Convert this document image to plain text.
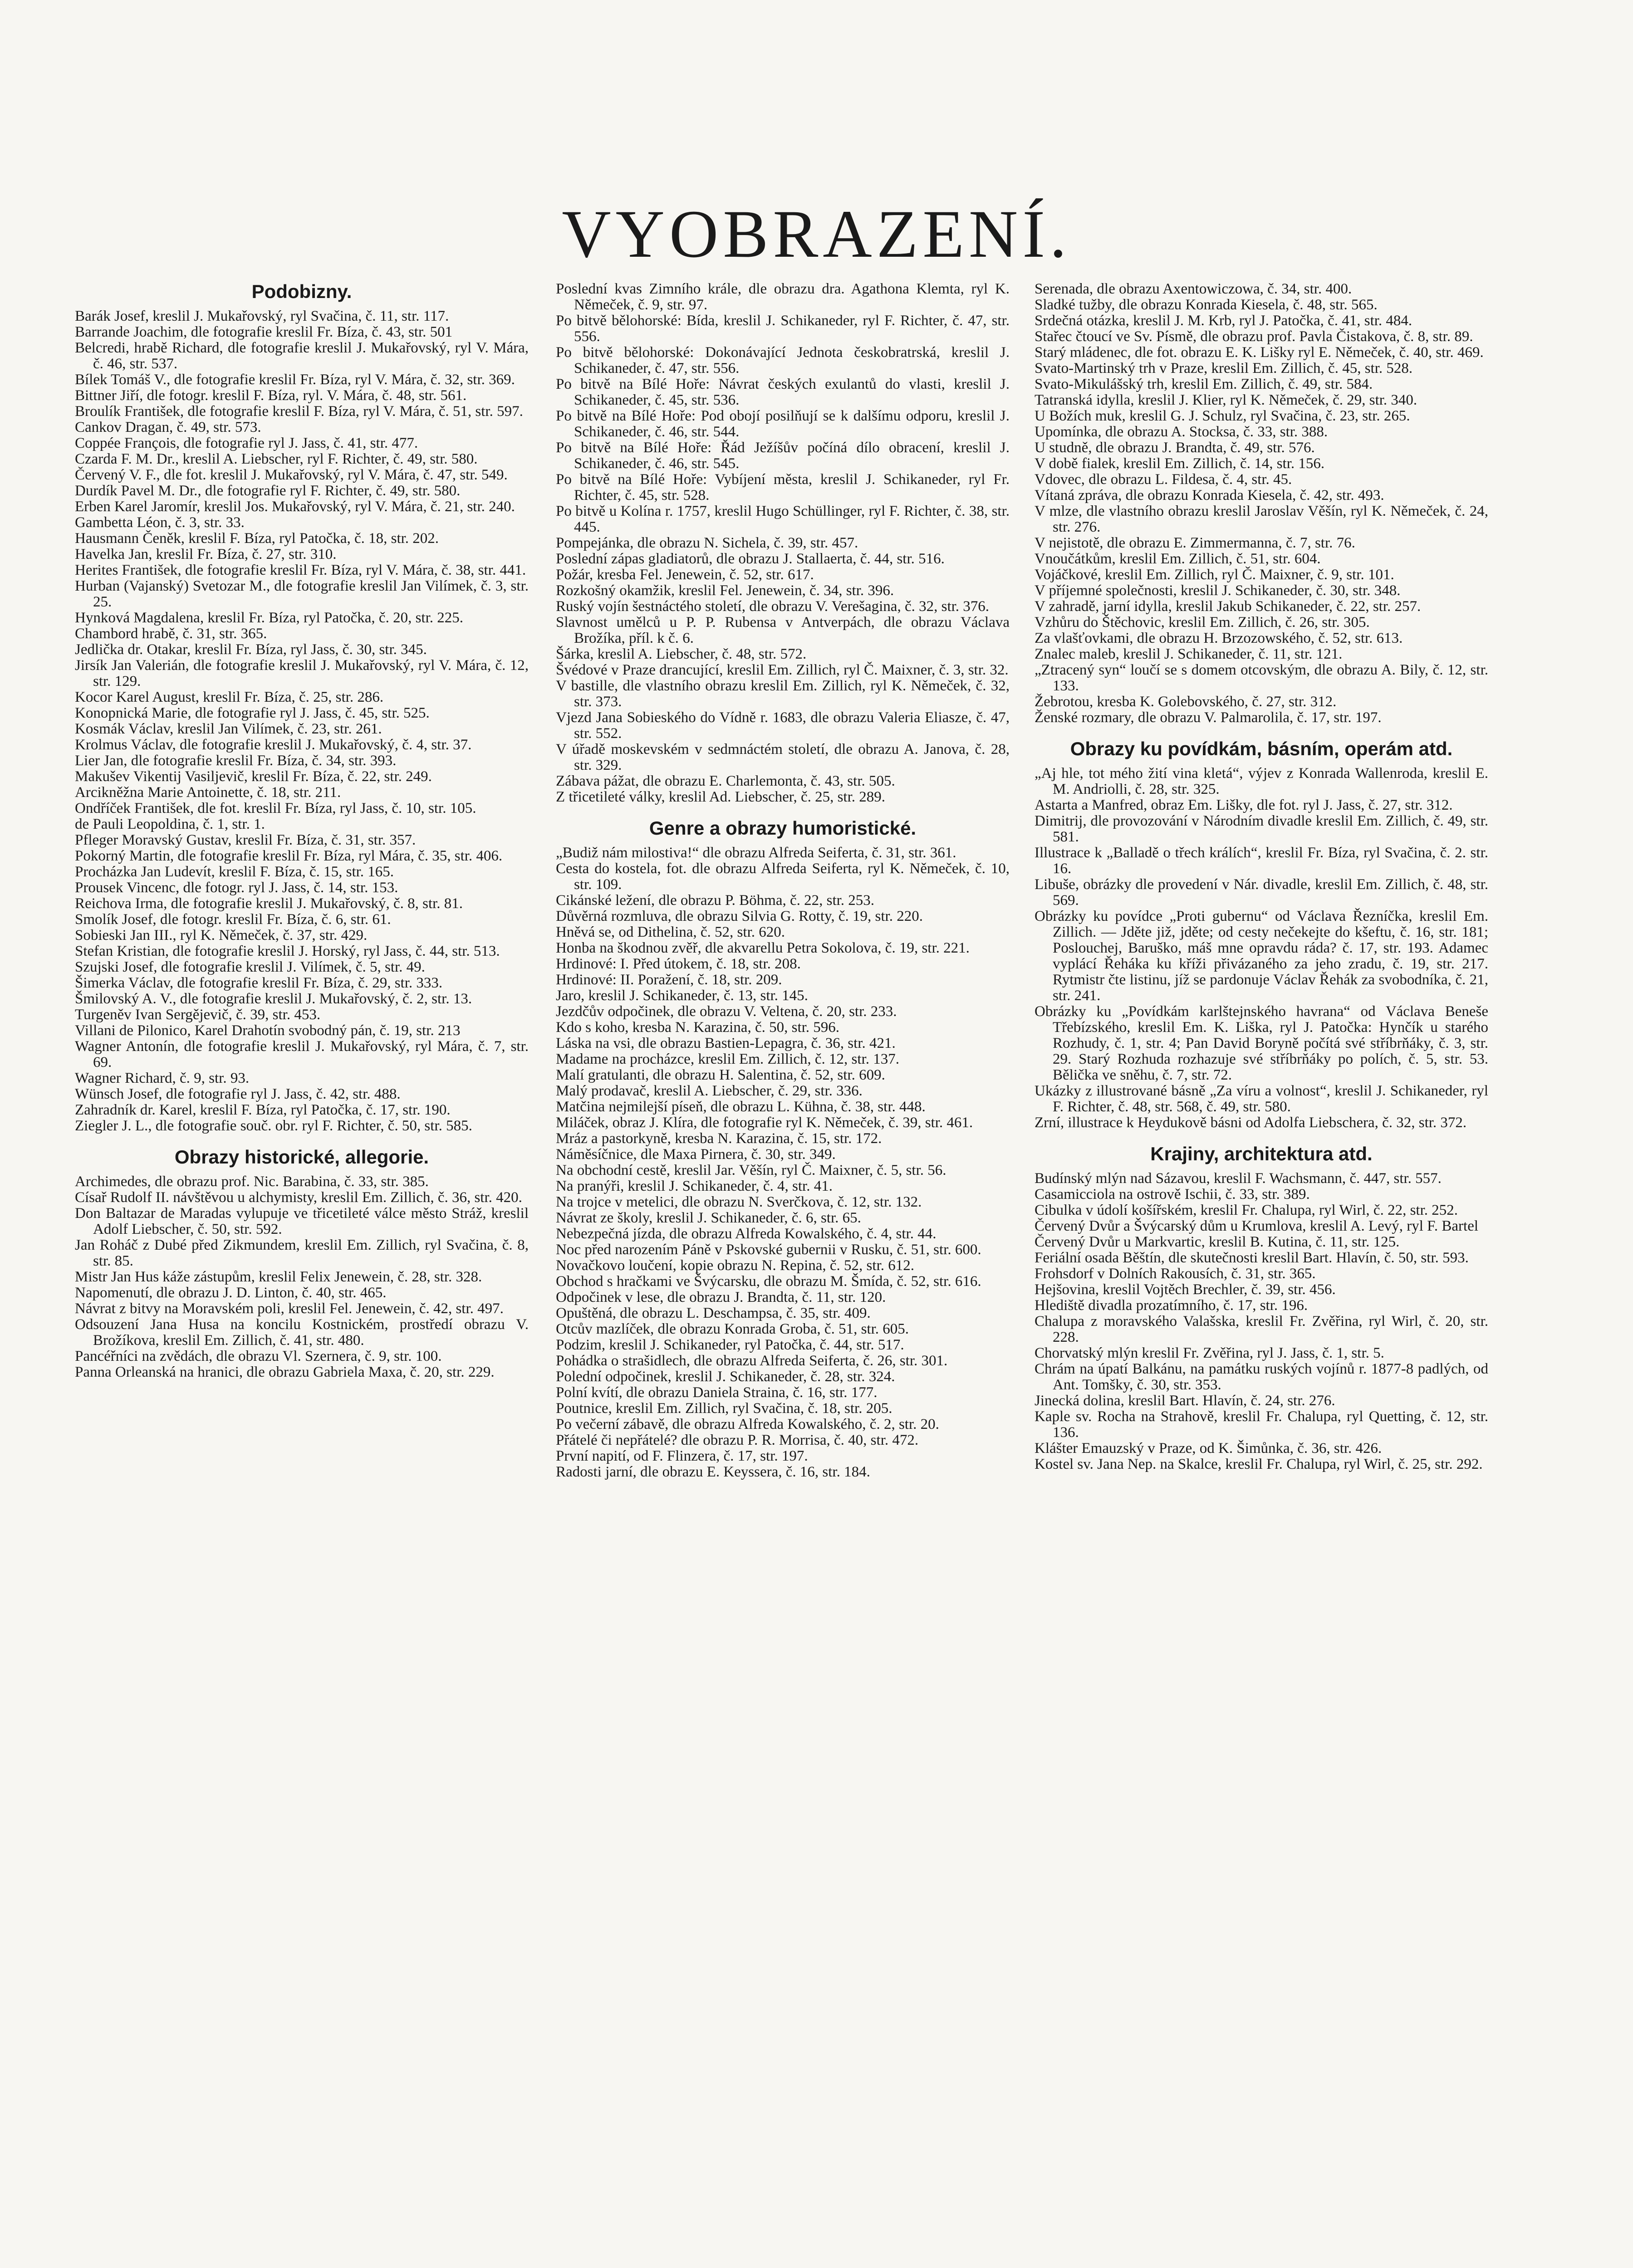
VYOBRAZENÍ.
Podobizny.

Barák Josef, kreslil J. Mukařovský, ryl Svačina, č. 11, str. 117.

Barrande Joachim, dle fotografie kreslil Fr. Bíza, č. 43, str. 501

Belcredi, hrabě Richard, dle fotografie kreslil J. Mukařovský, ryl V. Mára, č. 46, str. 537.

Bílek Tomáš V., dle fotografie kreslil Fr. Bíza, ryl V. Mára, č. 32, str. 369.

Bittner Jiří, dle fotogr. kreslil F. Bíza, ryl. V. Mára, č. 48, str. 561.

Broulík František, dle fotografie kreslil F. Bíza, ryl V. Mára, č. 51, str. 597.

Cankov Dragan, č. 49, str. 573.

Coppée François, dle fotografie ryl J. Jass, č. 41, str. 477.

Czarda F. M. Dr., kreslil A. Liebscher, ryl F. Richter, č. 49, str. 580.

Červený V. F., dle fot. kreslil J. Mukařovský, ryl V. Mára, č. 47, str. 549.

Durdík Pavel M. Dr., dle fotografie ryl F. Richter, č. 49, str. 580.

Erben Karel Jaromír, kreslil Jos. Mukařovský, ryl V. Mára, č. 21, str. 240.

Gambetta Léon, č. 3, str. 33.

Hausmann Čeněk, kreslil F. Bíza, ryl Patočka, č. 18, str. 202.

Havelka Jan, kreslil Fr. Bíza, č. 27, str. 310.

Herites František, dle fotografie kreslil Fr. Bíza, ryl V. Mára, č. 38, str. 441.

Hurban (Vajanský) Svetozar M., dle fotografie kreslil Jan Vilímek, č. 3, str. 25.

Hynková Magdalena, kreslil Fr. Bíza, ryl Patočka, č. 20, str. 225.

Chambord hrabě, č. 31, str. 365.

Jedlička dr. Otakar, kreslil Fr. Bíza, ryl Jass, č. 30, str. 345.

Jirsík Jan Valerián, dle fotografie kreslil J. Mukařovský, ryl V. Mára, č. 12, str. 129.

Kocor Karel August, kreslil Fr. Bíza, č. 25, str. 286.

Konopnická Marie, dle fotografie ryl J. Jass, č. 45, str. 525.

Kosmák Václav, kreslil Jan Vilímek, č. 23, str. 261.

Krolmus Václav, dle fotografie kreslil J. Mukařovský, č. 4, str. 37.

Lier Jan, dle fotografie kreslil Fr. Bíza, č. 34, str. 393.

Makušev Vikentij Vasiljevič, kreslil Fr. Bíza, č. 22, str. 249.

Arcikněžna Marie Antoinette, č. 18, str. 211.

Ondříček František, dle fot. kreslil Fr. Bíza, ryl Jass, č. 10, str. 105.

de Pauli Leopoldina, č. 1, str. 1.

Pfleger Moravský Gustav, kreslil Fr. Bíza, č. 31, str. 357.

Pokorný Martin, dle fotografie kreslil Fr. Bíza, ryl Mára, č. 35, str. 406.

Procházka Jan Ludevít, kreslil F. Bíza, č. 15, str. 165.

Prousek Vincenc, dle fotogr. ryl J. Jass, č. 14, str. 153.

Reichova Irma, dle fotografie kreslil J. Mukařovský, č. 8, str. 81.

Smolík Josef, dle fotogr. kreslil Fr. Bíza, č. 6, str. 61.

Sobieski Jan III., ryl K. Němeček, č. 37, str. 429.

Stefan Kristian, dle fotografie kreslil J. Horský, ryl Jass, č. 44, str. 513.

Szujski Josef, dle fotografie kreslil J. Vilímek, č. 5, str. 49.

Šimerka Václav, dle fotografie kreslil Fr. Bíza, č. 29, str. 333.

Šmilovský A. V., dle fotografie kreslil J. Mukařovský, č. 2, str. 13.

Turgeněv Ivan Sergějevič, č. 39, str. 453.

Villani de Pilonico, Karel Drahotín svobodný pán, č. 19, str. 213

Wagner Antonín, dle fotografie kreslil J. Mukařovský, ryl Mára, č. 7, str. 69.

Wagner Richard, č. 9, str. 93.

Wünsch Josef, dle fotografie ryl J. Jass, č. 42, str. 488.

Zahradník dr. Karel, kreslil F. Bíza, ryl Patočka, č. 17, str. 190.

Ziegler J. L., dle fotografie souč. obr. ryl F. Richter, č. 50, str. 585.

Obrazy historické, allegorie.

Archimedes, dle obrazu prof. Nic. Barabina, č. 33, str. 385.

Císař Rudolf II. návštěvou u alchymisty, kreslil Em. Zillich, č. 36, str. 420.

Don Baltazar de Maradas vylupuje ve třicetileté válce město Stráž, kreslil Adolf Liebscher, č. 50, str. 592.

Jan Roháč z Dubé před Zikmundem, kreslil Em. Zillich, ryl Svačina, č. 8, str. 85.

Mistr Jan Hus káže zástupům, kreslil Felix Jenewein, č. 28, str. 328.

Napomenutí, dle obrazu J. D. Linton, č. 40, str. 465.

Návrat z bitvy na Moravském poli, kreslil Fel. Jenewein, č. 42, str. 497.

Odsouzení Jana Husa na koncilu Kostnickém, prostředí obrazu V. Brožíkova, kreslil Em. Zillich, č. 41, str. 480.

Pancéřníci na zvědách, dle obrazu Vl. Szernera, č. 9, str. 100.

Panna Orleanská na hranici, dle obrazu Gabriela Maxa, č. 20, str. 229.

Poslední kvas Zimního krále, dle obrazu dra. Agathona Klemta, ryl K. Němeček, č. 9, str. 97.

Po bitvě bělohorské: Bída, kreslil J. Schikaneder, ryl F. Richter, č. 47, str. 556.

Po bitvě bělohorské: Dokonávající Jednota českobratrská, kreslil J. Schikaneder, č. 47, str. 556.

Po bitvě na Bílé Hoře: Návrat českých exulantů do vlasti, kreslil J. Schikaneder, č. 45, str. 536.

Po bitvě na Bílé Hoře: Pod obojí posilňují se k dalšímu odporu, kreslil J. Schikaneder, č. 46, str. 544.

Po bitvě na Bílé Hoře: Řád Ježíšův počíná dílo obracení, kreslil J. Schikaneder, č. 46, str. 545.

Po bitvě na Bílé Hoře: Vybíjení města, kreslil J. Schikaneder, ryl Fr. Richter, č. 45, str. 528.

Po bitvě u Kolína r. 1757, kreslil Hugo Schüllinger, ryl F. Richter, č. 38, str. 445.

Pompejánka, dle obrazu N. Sichela, č. 39, str. 457.

Poslední zápas gladiatorů, dle obrazu J. Stallaerta, č. 44, str. 516.

Požár, kresba Fel. Jenewein, č. 52, str. 617.

Rozkošný okamžik, kreslil Fel. Jenewein, č. 34, str. 396.

Ruský vojín šestnáctého století, dle obrazu V. Verešagina, č. 32, str. 376.

Slavnost umělců u P. P. Rubensa v Antverpách, dle obrazu Václava Brožíka, příl. k č. 6.

Šárka, kreslil A. Liebscher, č. 48, str. 572.

Švédové v Praze drancující, kreslil Em. Zillich, ryl Č. Maixner, č. 3, str. 32.

V bastille, dle vlastního obrazu kreslil Em. Zillich, ryl K. Němeček, č. 32, str. 373.

Vjezd Jana Sobieského do Vídně r. 1683, dle obrazu Valeria Eliasze, č. 47, str. 552.

V úřadě moskevském v sedmnáctém století, dle obrazu A. Janova, č. 28, str. 329.

Zábava pážat, dle obrazu E. Charlemonta, č. 43, str. 505.

Z třicetileté války, kreslil Ad. Liebscher, č. 25, str. 289.

Genre a obrazy humoristické.

„Budiž nám milostiva!“ dle obrazu Alfreda Seiferta, č. 31, str. 361.

Cesta do kostela, fot. dle obrazu Alfreda Seiferta, ryl K. Němeček, č. 10, str. 109.

Cikánské ležení, dle obrazu P. Böhma, č. 22, str. 253.

Důvěrná rozmluva, dle obrazu Silvia G. Rotty, č. 19, str. 220.

Hněvá se, od Dithelina, č. 52, str. 620.

Honba na škodnou zvěř, dle akvarellu Petra Sokolova, č. 19, str. 221.

Hrdinové: I. Před útokem, č. 18, str. 208.

Hrdinové: II. Poražení, č. 18, str. 209.

Jaro, kreslil J. Schikaneder, č. 13, str. 145.

Jezdčův odpočinek, dle obrazu V. Veltena, č. 20, str. 233.

Kdo s koho, kresba N. Karazina, č. 50, str. 596.

Láska na vsi, dle obrazu Bastien-Lepagra, č. 36, str. 421.

Madame na procházce, kreslil Em. Zillich, č. 12, str. 137.

Malí gratulanti, dle obrazu H. Salentina, č. 52, str. 609.

Malý prodavač, kreslil A. Liebscher, č. 29, str. 336.

Matčina nejmilejší píseň, dle obrazu L. Kühna, č. 38, str. 448.

Miláček, obraz J. Klíra, dle fotografie ryl K. Němeček, č. 39, str. 461.

Mráz a pastorkyně, kresba N. Karazina, č. 15, str. 172.

Náměsíčnice, dle Maxa Pirnera, č. 30, str. 349.

Na obchodní cestě, kreslil Jar. Věšín, ryl Č. Maixner, č. 5, str. 56.

Na pranýři, kreslil J. Schikaneder, č. 4, str. 41.

Na trojce v metelici, dle obrazu N. Sverčkova, č. 12, str. 132.

Návrat ze školy, kreslil J. Schikaneder, č. 6, str. 65.

Nebezpečná jízda, dle obrazu Alfreda Kowalského, č. 4, str. 44.

Noc před narozením Páně v Pskovské gubernii v Rusku, č. 51, str. 600.

Novačkovo loučení, kopie obrazu N. Repina, č. 52, str. 612.

Obchod s hračkami ve Švýcarsku, dle obrazu M. Šmída, č. 52, str. 616.

Odpočinek v lese, dle obrazu J. Brandta, č. 11, str. 120.

Opuštěná, dle obrazu L. Deschampsa, č. 35, str. 409.

Otcův mazlíček, dle obrazu Konrada Groba, č. 51, str. 605.

Podzim, kreslil J. Schikaneder, ryl Patočka, č. 44, str. 517.

Pohádka o strašidlech, dle obrazu Alfreda Seiferta, č. 26, str. 301.

Polední odpočinek, kreslil J. Schikaneder, č. 28, str. 324.

Polní kvítí, dle obrazu Daniela Straina, č. 16, str. 177.

Poutnice, kreslil Em. Zillich, ryl Svačina, č. 18, str. 205.

Po večerní zábavě, dle obrazu Alfreda Kowalského, č. 2, str. 20.

Přátelé či nepřátelé? dle obrazu P. R. Morrisa, č. 40, str. 472.

První napití, od F. Flinzera, č. 17, str. 197.

Radosti jarní, dle obrazu E. Keyssera, č. 16, str. 184.

Serenada, dle obrazu Axentowiczowa, č. 34, str. 400.

Sladké tužby, dle obrazu Konrada Kiesela, č. 48, str. 565.

Srdečná otázka, kreslil J. M. Krb, ryl J. Patočka, č. 41, str. 484.

Stařec čtoucí ve Sv. Písmě, dle obrazu prof. Pavla Čistakova, č. 8, str. 89.

Starý mládenec, dle fot. obrazu E. K. Lišky ryl E. Němeček, č. 40, str. 469.

Svato-Martinský trh v Praze, kreslil Em. Zillich, č. 45, str. 528.

Svato-Mikulášský trh, kreslil Em. Zillich, č. 49, str. 584.

Tatranská idylla, kreslil J. Klier, ryl K. Němeček, č. 29, str. 340.

U Božích muk, kreslil G. J. Schulz, ryl Svačina, č. 23, str. 265.

Upomínka, dle obrazu A. Stocksa, č. 33, str. 388.

U studně, dle obrazu J. Brandta, č. 49, str. 576.

V době fialek, kreslil Em. Zillich, č. 14, str. 156.

Vdovec, dle obrazu L. Fildesa, č. 4, str. 45.

Vítaná zpráva, dle obrazu Konrada Kiesela, č. 42, str. 493.

V mlze, dle vlastního obrazu kreslil Jaroslav Věšín, ryl K. Němeček, č. 24, str. 276.

V nejistotě, dle obrazu E. Zimmermanna, č. 7, str. 76.

Vnoučátkům, kreslil Em. Zillich, č. 51, str. 604.

Vojáčkové, kreslil Em. Zillich, ryl Č. Maixner, č. 9, str. 101.

V příjemné společnosti, kreslil J. Schikaneder, č. 30, str. 348.

V zahradě, jarní idylla, kreslil Jakub Schikaneder, č. 22, str. 257.

Vzhůru do Štěchovic, kreslil Em. Zillich, č. 26, str. 305.

Za vlašťovkami, dle obrazu H. Brzozowského, č. 52, str. 613.

Znalec maleb, kreslil J. Schikaneder, č. 11, str. 121.

„Ztracený syn“ loučí se s domem otcovským, dle obrazu A. Bily, č. 12, str. 133.

Žebrotou, kresba K. Golebovského, č. 27, str. 312.

Ženské rozmary, dle obrazu V. Palmarolila, č. 17, str. 197.

Obrazy ku povídkám, básním, operám atd.

„Aj hle, tot mého žití vina kletá“, výjev z Konrada Wallenroda, kreslil E. M. Andriolli, č. 28, str. 325.

Astarta a Manfred, obraz Em. Lišky, dle fot. ryl J. Jass, č. 27, str. 312.

Dimitrij, dle provozování v Národním divadle kreslil Em. Zillich, č. 49, str. 581.

Illustrace k „Balladě o třech králích“, kreslil Fr. Bíza, ryl Svačina, č. 2. str. 16.

Libuše, obrázky dle provedení v Nár. divadle, kreslil Em. Zillich, č. 48, str. 569.

Obrázky ku povídce „Proti gubernu“ od Václava Řezníčka, kreslil Em. Zillich. — Jděte již, jděte; od cesty nečekejte do kšeftu, č. 16, str. 181; Poslouchej, Baruško, máš mne opravdu ráda? č. 17, str. 193. Adamec vyplácí Řeháka ku kříži přivázaného za jeho zradu, č. 19, str. 217. Rytmistr čte listinu, jíž se pardonuje Václav Řehák za svobodníka, č. 21, str. 241.

Obrázky ku „Povídkám karlštejnského havrana“ od Václava Beneše Třebízského, kreslil Em. K. Liška, ryl J. Patočka: Hynčík u starého Rozhudy, č. 1, str. 4; Pan David Boryně počítá své stříbrňáky, č. 3, str. 29. Starý Rozhuda rozhazuje své stříbrňáky po polích, č. 5, str. 53. Bělička ve sněhu, č. 7, str. 72.

Ukázky z illustrované básně „Za víru a volnost“, kreslil J. Schikaneder, ryl F. Richter, č. 48, str. 568, č. 49, str. 580.

Zrní, illustrace k Heydukově básni od Adolfa Liebschera, č. 32, str. 372.

Krajiny, architektura atd.

Budínský mlýn nad Sázavou, kreslil F. Wachsmann, č. 447, str. 557.

Casamicciola na ostrově Ischii, č. 33, str. 389.

Cibulka v údolí košířském, kreslil Fr. Chalupa, ryl Wirl, č. 22, str. 252.

Červený Dvůr a Švýcarský dům u Krumlova, kreslil A. Levý, ryl F. Bartel

Červený Dvůr u Markvartic, kreslil B. Kutina, č. 11, str. 125.

Feriální osada Běštín, dle skutečnosti kreslil Bart. Hlavín, č. 50, str. 593.

Frohsdorf v Dolních Rakousích, č. 31, str. 365.

Hejšovina, kreslil Vojtěch Brechler, č. 39, str. 456.

Hlediště divadla prozatímního, č. 17, str. 196.

Chalupa z moravského Valašska, kreslil Fr. Zvěřina, ryl Wirl, č. 20, str. 228.

Chorvatský mlýn kreslil Fr. Zvěřina, ryl J. Jass, č. 1, str. 5.

Chrám na úpatí Balkánu, na památku ruských vojínů r. 1877-8 padlých, od Ant. Tomšky, č. 30, str. 353.

Jinecká dolina, kreslil Bart. Hlavín, č. 24, str. 276.

Kaple sv. Rocha na Strahově, kreslil Fr. Chalupa, ryl Quetting, č. 12, str. 136.

Klášter Emauzský v Praze, od K. Šimůnka, č. 36, str. 426.

Kostel sv. Jana Nep. na Skalce, kreslil Fr. Chalupa, ryl Wirl, č. 25, str. 292.
